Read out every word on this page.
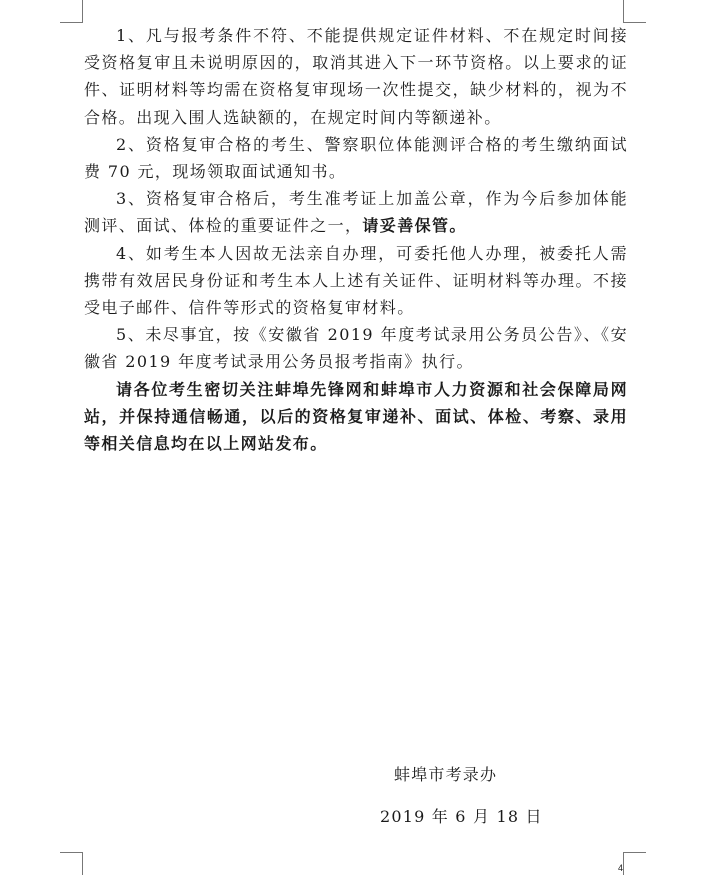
1、凡与报考条件不符、不能提供规定证件材料、不在规定时间接受资格复审且未说明原因的，取消其进入下一环节资格。以上要求的证件、证明材料等均需在资格复审现场一次性提交，缺少材料的，视为不合格。出现入围人选缺额的，在规定时间内等额递补。

2、资格复审合格的考生、警察职位体能测评合格的考生缴纳面试费 70 元，现场领取面试通知书。

3、资格复审合格后，考生准考证上加盖公章，作为今后参加体能测评、面试、体检的重要证件之一，请妥善保管。

4、如考生本人因故无法亲自办理，可委托他人办理，被委托人需携带有效居民身份证和考生本人上述有关证件、证明材料等办理。不接受电子邮件、信件等形式的资格复审材料。

5、未尽事宜，按《安徽省 2019 年度考试录用公务员公告》、《安徽省 2019 年度考试录用公务员报考指南》执行。

请各位考生密切关注蚌埠先锋网和蚌埠市人力资源和社会保障局网站，并保持通信畅通，以后的资格复审递补、面试、体检、考察、录用等相关信息均在以上网站发布。

蚌埠市考录办
2019 年 6 月 18 日
4
